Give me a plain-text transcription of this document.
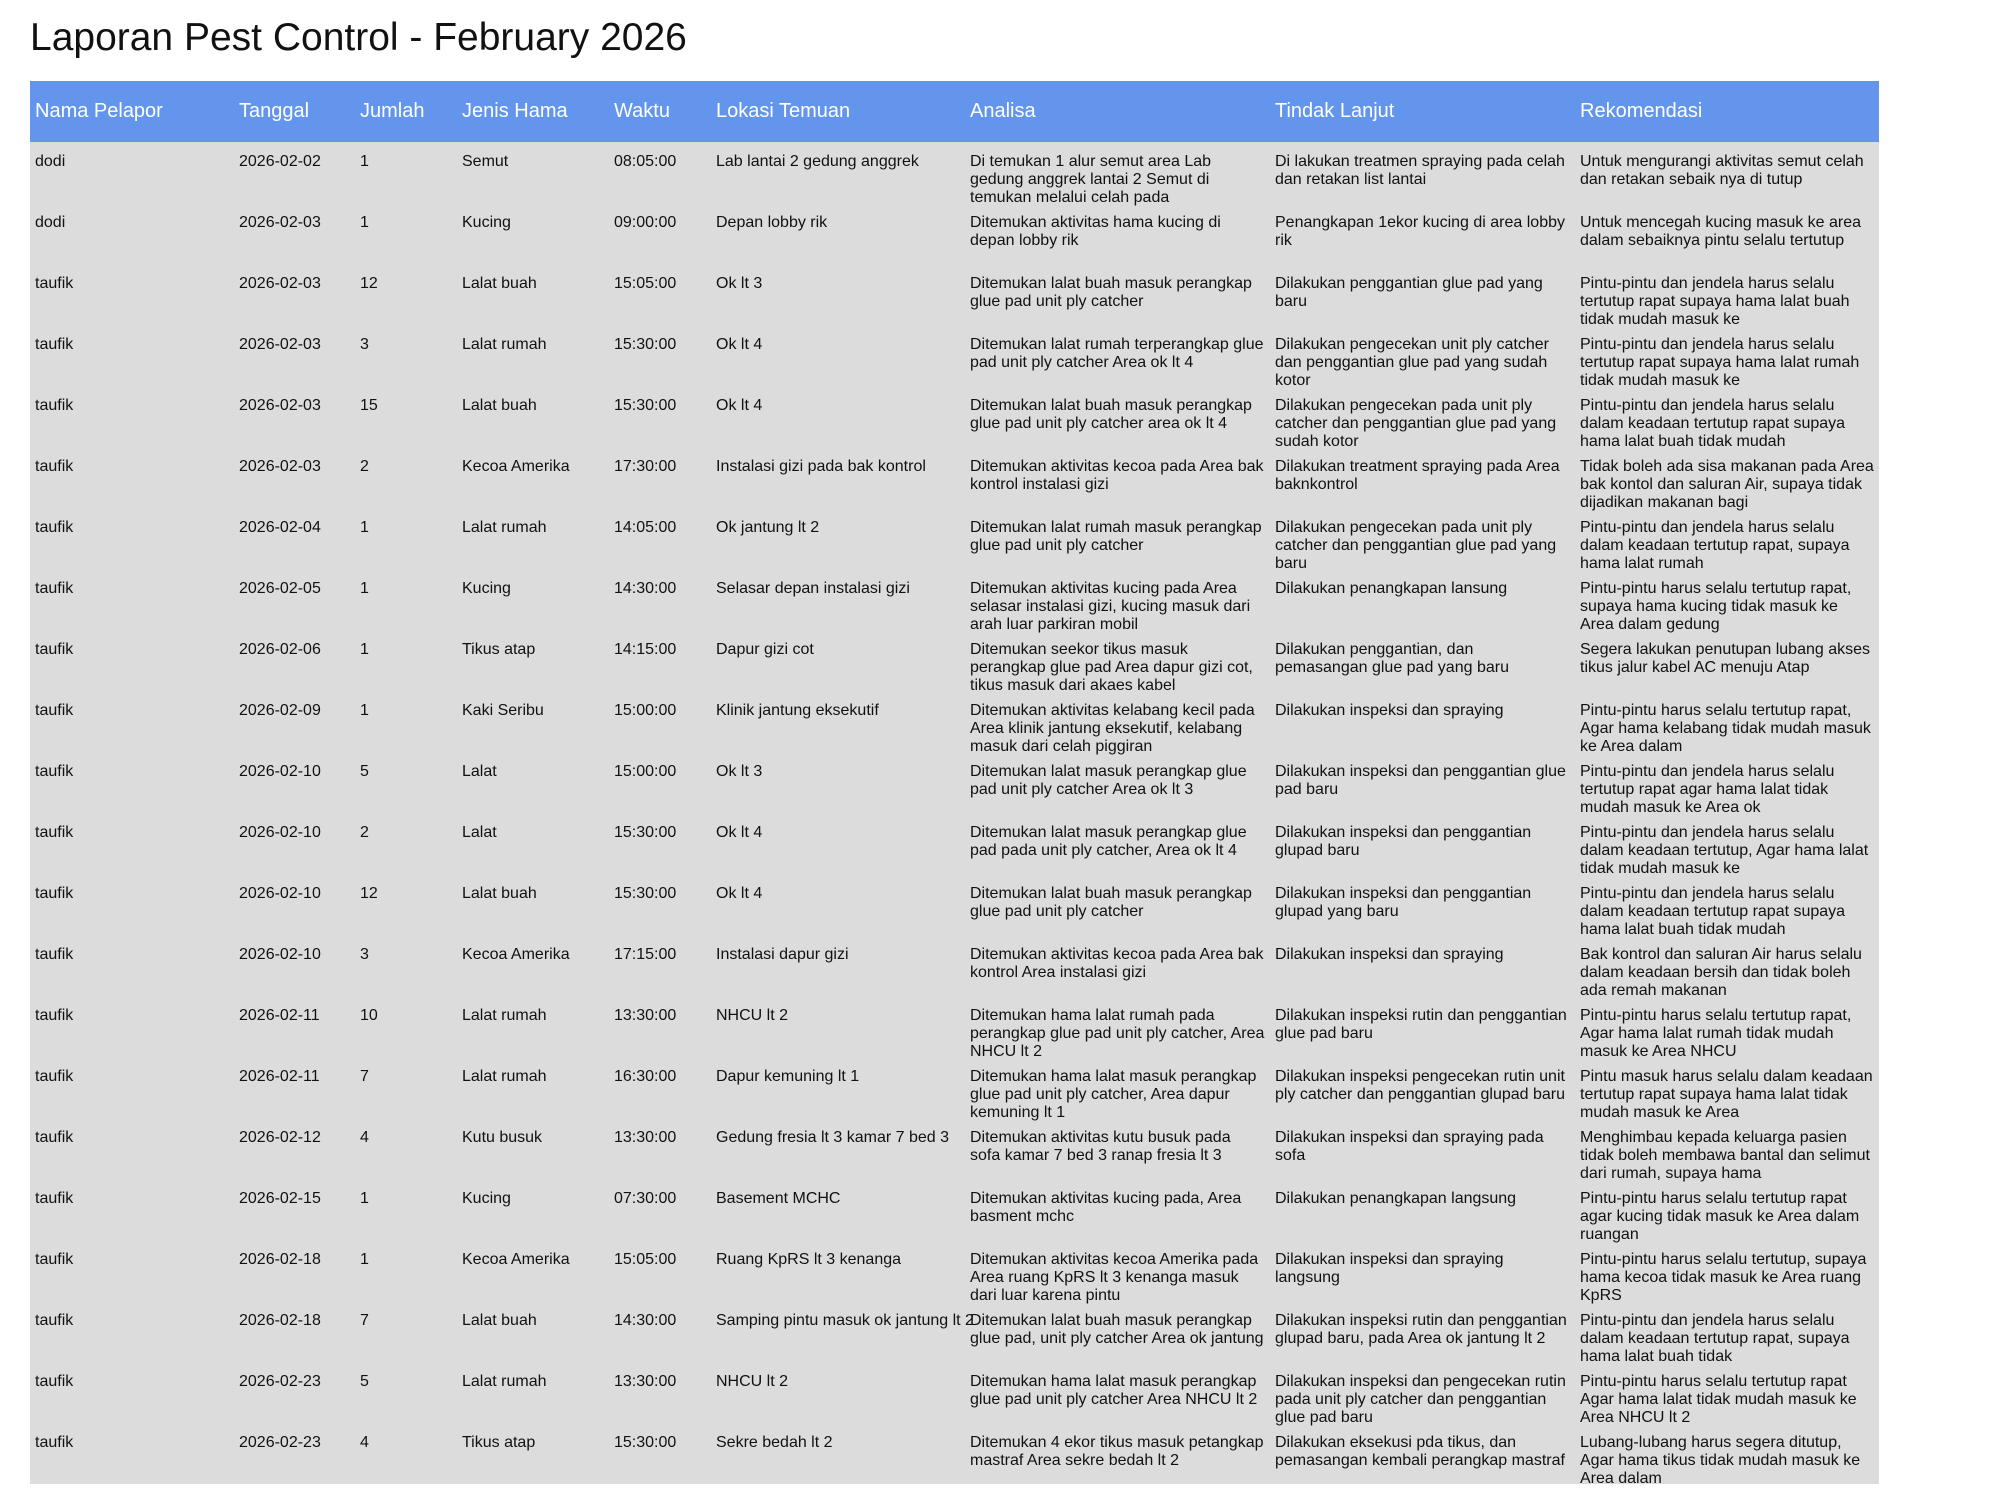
Laporan Pest Control - February 2026
Nama Pelapor	Tanggal	Jumlah	Jenis Hama	Waktu	Lokasi Temuan	Analisa	Tindak Lanjut	Rekomendasi

dodi	2026-02-02	1	Semut	08:05:00	Lab lantai 2 gedung anggrek	Di temukan 1 alur semut area Lab gedung anggrek lantai 2 Semut di temukan melalui celah pada	Di lakukan treatmen spraying pada celah dan retakan list lantai	Untuk mengurangi aktivitas semut celah dan retakan sebaik nya di tutup

dodi	2026-02-03	1	Kucing	09:00:00	Depan lobby rik	Ditemukan aktivitas hama kucing di depan lobby rik	Penangkapan 1ekor kucing di area lobby rik	Untuk mencegah kucing masuk ke area dalam sebaiknya pintu selalu tertutup

taufik	2026-02-03	12	Lalat buah	15:05:00	Ok lt 3	Ditemukan lalat buah masuk perangkap glue pad unit ply catcher	Dilakukan penggantian glue pad yang baru	Pintu-pintu dan jendela harus selalu tertutup rapat supaya hama lalat buah tidak mudah masuk ke

taufik	2026-02-03	3	Lalat rumah	15:30:00	Ok lt 4	Ditemukan lalat rumah terperangkap glue pad unit ply catcher Area ok lt 4	Dilakukan pengecekan unit ply catcher dan penggantian glue pad yang sudah kotor	Pintu-pintu dan jendela harus selalu tertutup rapat supaya hama lalat rumah tidak mudah masuk ke

taufik	2026-02-03	15	Lalat buah	15:30:00	Ok lt 4	Ditemukan lalat buah masuk perangkap glue pad unit ply catcher area ok lt 4	Dilakukan pengecekan pada unit ply catcher dan penggantian glue pad yang sudah kotor	Pintu-pintu dan jendela harus selalu dalam keadaan tertutup rapat supaya hama lalat buah tidak mudah

taufik	2026-02-03	2	Kecoa Amerika	17:30:00	Instalasi gizi pada bak kontrol	Ditemukan aktivitas kecoa pada Area bak kontrol instalasi gizi	Dilakukan treatment spraying pada Area baknkontrol	Tidak boleh ada sisa makanan pada Area bak kontol dan saluran Air, supaya tidak dijadikan makanan bagi

taufik	2026-02-04	1	Lalat rumah	14:05:00	Ok jantung lt 2	Ditemukan lalat rumah masuk perangkap glue pad unit ply catcher	Dilakukan pengecekan pada unit ply catcher dan penggantian glue pad yang baru	Pintu-pintu dan jendela harus selalu dalam keadaan tertutup rapat, supaya hama lalat rumah

taufik	2026-02-05	1	Kucing	14:30:00	Selasar depan instalasi gizi	Ditemukan aktivitas kucing pada Area selasar instalasi gizi, kucing masuk dari arah luar parkiran mobil	Dilakukan penangkapan lansung	Pintu-pintu harus selalu tertutup rapat, supaya hama kucing tidak masuk ke Area dalam gedung

taufik	2026-02-06	1	Tikus atap	14:15:00	Dapur gizi cot	Ditemukan seekor tikus masuk perangkap glue pad Area dapur gizi cot, tikus masuk dari akaes kabel	Dilakukan penggantian, dan pemasangan glue pad yang baru	Segera lakukan penutupan lubang akses tikus jalur kabel AC menuju Atap

taufik	2026-02-09	1	Kaki Seribu	15:00:00	Klinik jantung eksekutif	Ditemukan aktivitas kelabang kecil pada Area klinik jantung eksekutif, kelabang masuk dari celah piggiran	Dilakukan inspeksi dan spraying	Pintu-pintu harus selalu tertutup rapat, Agar hama kelabang tidak mudah masuk ke Area dalam

taufik	2026-02-10	5	Lalat	15:00:00	Ok lt 3	Ditemukan lalat masuk perangkap glue pad unit ply catcher Area ok lt 3	Dilakukan inspeksi dan penggantian glue pad baru	Pintu-pintu dan jendela harus selalu tertutup rapat agar hama lalat tidak mudah masuk ke Area ok

taufik	2026-02-10	2	Lalat	15:30:00	Ok lt 4	Ditemukan lalat masuk perangkap glue pad pada unit ply catcher, Area ok lt 4	Dilakukan inspeksi dan penggantian glupad baru	Pintu-pintu dan jendela harus selalu dalam keadaan tertutup, Agar hama lalat tidak mudah masuk ke

taufik	2026-02-10	12	Lalat buah	15:30:00	Ok lt 4	Ditemukan lalat buah masuk perangkap glue pad unit ply catcher	Dilakukan inspeksi dan penggantian glupad yang baru	Pintu-pintu dan jendela harus selalu dalam keadaan tertutup rapat supaya hama lalat buah tidak mudah

taufik	2026-02-10	3	Kecoa Amerika	17:15:00	Instalasi dapur gizi	Ditemukan aktivitas kecoa pada Area bak kontrol Area instalasi gizi	Dilakukan inspeksi dan spraying	Bak kontrol dan saluran Air harus selalu dalam keadaan bersih dan tidak boleh ada remah makanan

taufik	2026-02-11	10	Lalat rumah	13:30:00	NHCU lt 2	Ditemukan hama lalat rumah pada perangkap glue pad unit ply catcher, Area NHCU lt 2	Dilakukan inspeksi rutin dan penggantian glue pad baru	Pintu-pintu harus selalu tertutup rapat, Agar hama lalat rumah tidak mudah masuk ke Area NHCU

taufik	2026-02-11	7	Lalat rumah	16:30:00	Dapur kemuning lt 1	Ditemukan hama lalat masuk perangkap glue pad unit ply catcher, Area dapur kemuning lt 1	Dilakukan inspeksi pengecekan rutin unit ply catcher dan penggantian glupad baru	Pintu masuk harus selalu dalam keadaan tertutup rapat supaya hama lalat tidak mudah masuk ke Area

taufik	2026-02-12	4	Kutu busuk	13:30:00	Gedung fresia lt 3 kamar 7 bed 3	Ditemukan aktivitas kutu busuk pada sofa kamar 7 bed 3 ranap fresia lt 3	Dilakukan inspeksi dan spraying pada sofa	Menghimbau kepada keluarga pasien tidak boleh membawa bantal dan selimut dari rumah, supaya hama

taufik	2026-02-15	1	Kucing	07:30:00	Basement MCHC	Ditemukan aktivitas kucing pada, Area basment mchc	Dilakukan penangkapan langsung	Pintu-pintu harus selalu tertutup rapat agar kucing tidak masuk ke Area dalam ruangan

taufik	2026-02-18	1	Kecoa Amerika	15:05:00	Ruang KpRS lt 3 kenanga	Ditemukan aktivitas kecoa Amerika pada Area ruang KpRS lt 3 kenanga masuk dari luar karena pintu	Dilakukan inspeksi dan spraying langsung	Pintu-pintu harus selalu tertutup, supaya hama kecoa tidak masuk ke Area ruang KpRS

taufik	2026-02-18	7	Lalat buah	14:30:00	Samping pintu masuk ok jantung lt 2	Ditemukan lalat buah masuk perangkap glue pad, unit ply catcher Area ok jantung	Dilakukan inspeksi rutin dan penggantian glupad baru, pada Area ok jantung lt 2	Pintu-pintu dan jendela harus selalu dalam keadaan tertutup rapat, supaya hama lalat buah tidak

taufik	2026-02-23	5	Lalat rumah	13:30:00	NHCU lt 2	Ditemukan hama lalat masuk perangkap glue pad unit ply catcher Area NHCU lt 2	Dilakukan inspeksi dan pengecekan rutin pada unit ply catcher dan penggantian glue pad baru	Pintu-pintu harus selalu tertutup rapat Agar hama lalat tidak mudah masuk ke Area NHCU lt 2

taufik	2026-02-23	4	Tikus atap	15:30:00	Sekre bedah lt 2	Ditemukan 4 ekor tikus masuk petangkap mastraf Area sekre bedah lt 2	Dilakukan eksekusi pda tikus, dan pemasangan kembali perangkap mastraf	Lubang-lubang harus segera ditutup, Agar hama tikus tidak mudah masuk ke Area dalam
